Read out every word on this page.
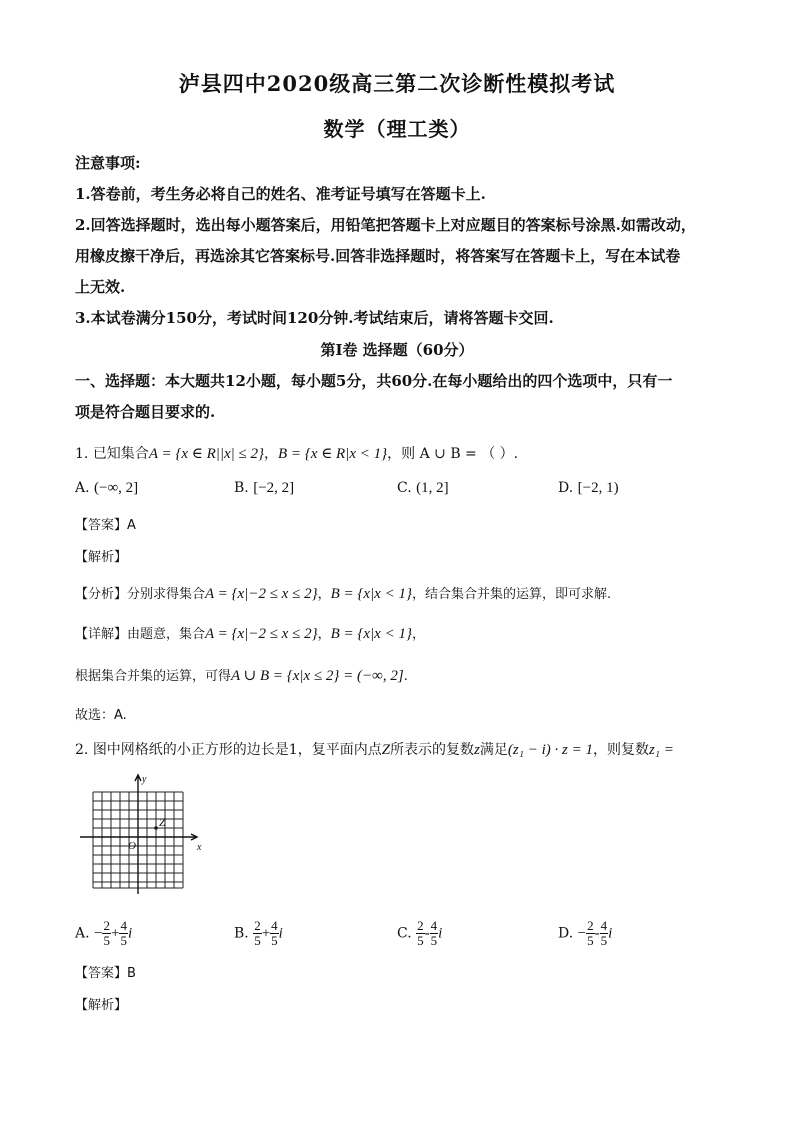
泸县四中2020级高三第二次诊断性模拟考试
数学（理工类）
注意事项:
1.答卷前，考生务必将自己的姓名、准考证号填写在答题卡上.
2.回答选择题时，选出每小题答案后，用铅笔把答题卡上对应题目的答案标号涂黑.如需改动，
用橡皮擦干净后，再选涂其它答案标号.回答非选择题时，将答案写在答题卡上，写在本试卷
上无效.
3.本试卷满分150分，考试时间120分钟.考试结束后，请将答题卡交回.
第Ⅰ卷 选择题（60分）
一、选择题：本大题共12小题，每小题5分，共60分.在每小题给出的四个选项中，只有一
项是符合题目要求的.
1. 已知集合A = {x ∈ R||x| ≤ 2}，B = {x ∈ R|x < 1}，则 A ∪ B = （ ）.
A. (−∞, 2]	B. [−2, 2]	C. (1, 2]	D. [−2, 1)
【答案】A
【解析】
【分析】分别求得集合A = {x|−2 ≤ x ≤ 2}，B = {x|x < 1}，结合集合并集的运算，即可求解.
【详解】由题意，集合A = {x|−2 ≤ x ≤ 2}，B = {x|x < 1}，
根据集合并集的运算，可得A ∪ B = {x|x ≤ 2} = (−∞, 2].
故选：A.
2. 图中网格纸的小正方形的边长是1，复平面内点Z所表示的复数z满足(z₁ − i) · z = 1，则复数z₁ =
y
x
O
Z
A. − $\frac{2}{5} + \frac{4}{5}$ i	B. $\frac{2}{5} + \frac{4}{5}$ i	C. $\frac{2}{5} - \frac{4}{5}$ i	D. − $\frac{2}{5} - \frac{4}{5}$ i
【答案】B
【解析】
